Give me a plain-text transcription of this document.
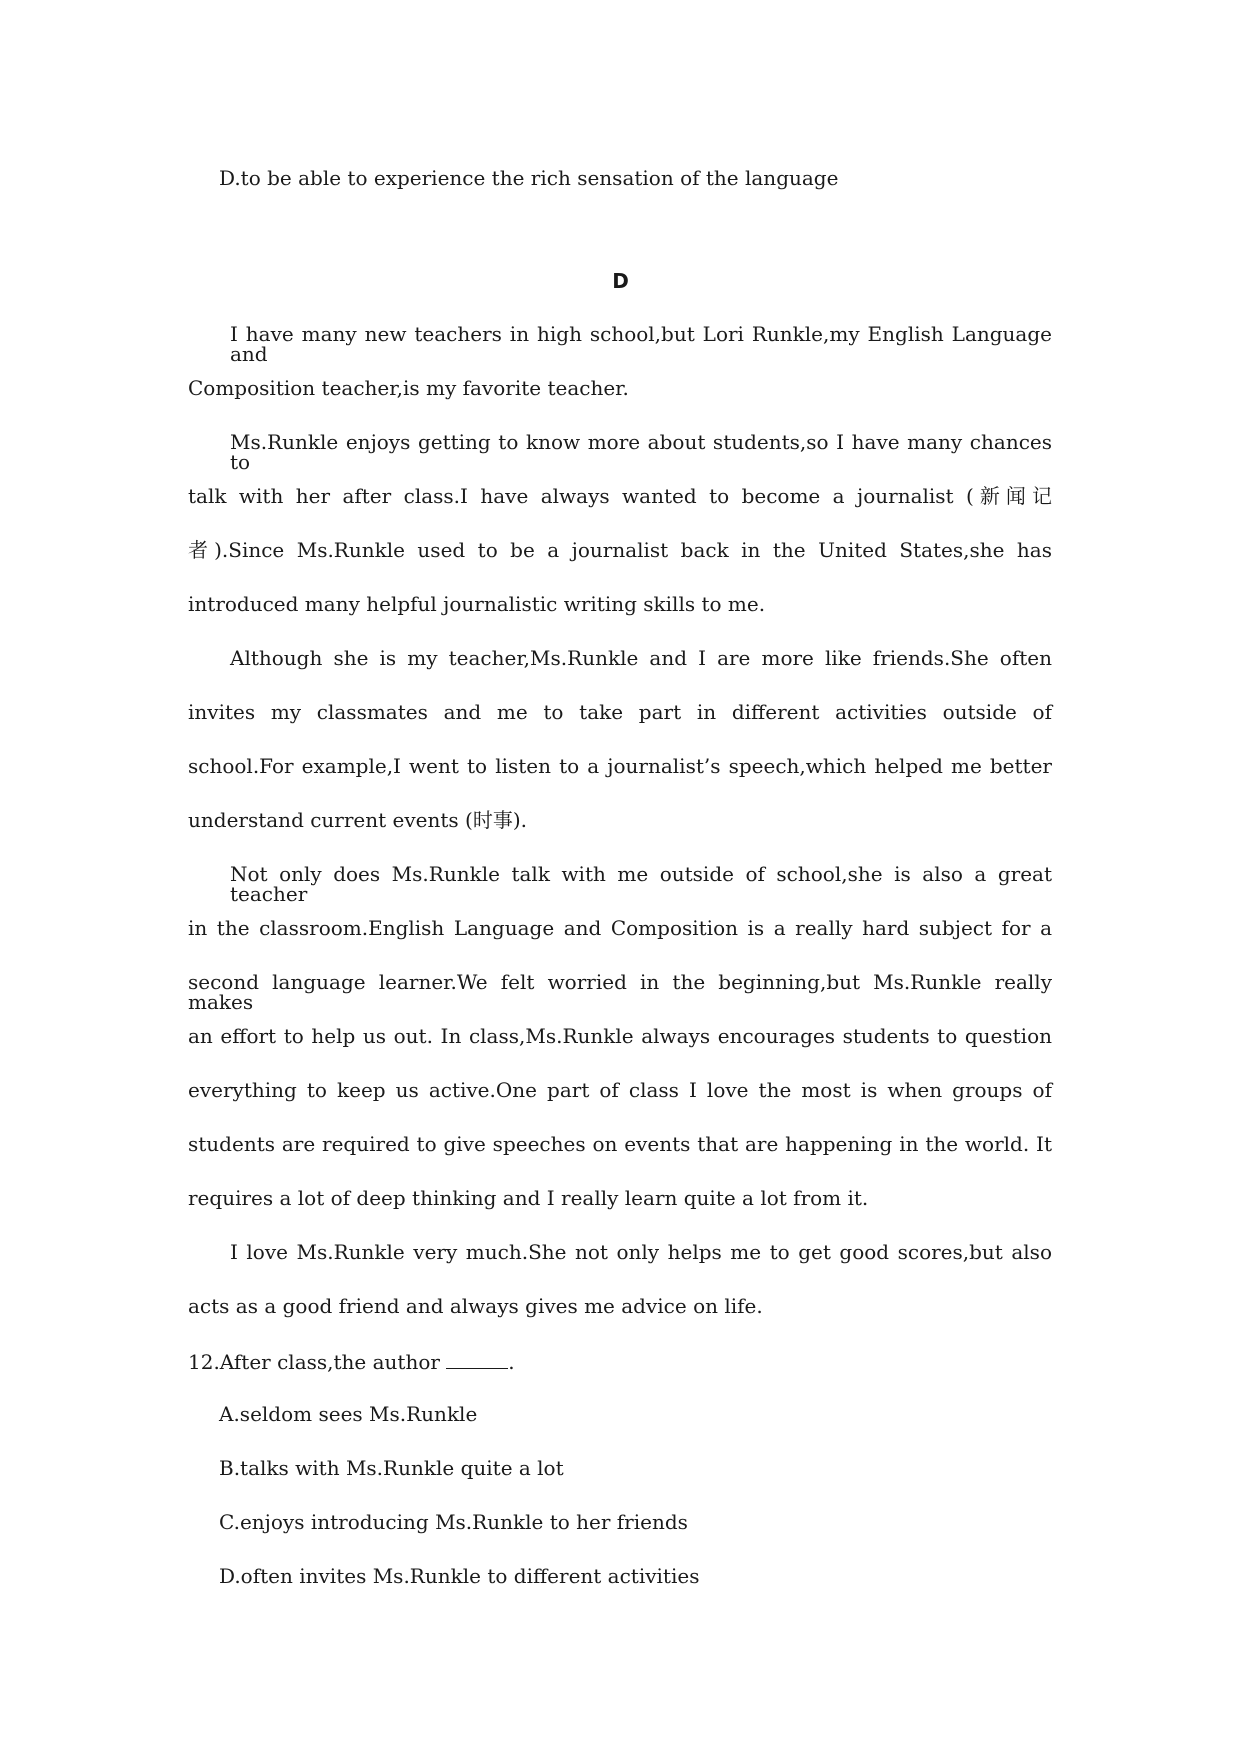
D.to be able to experience the rich sensation of the language
D
I have many new teachers in high school,but Lori Runkle,my English Language and
Composition teacher,is my favorite teacher.
Ms.Runkle enjoys getting to know more about students,so I have many chances to
talk with her after class.I have always wanted to become a journalist (新闻记
者).Since Ms.Runkle used to be a journalist back in the United States,she has
introduced many helpful journalistic writing skills to me.
Although she is my teacher,Ms.Runkle and I are more like friends.She often
invites my classmates and me to take part in different activities outside of
school.For example,I went to listen to a journalist’s speech,which helped me better
understand current events (时事).
Not only does Ms.Runkle talk with me outside of school,she is also a great teacher
in the classroom.English Language and Composition is a really hard subject for a
second language learner.We felt worried in the beginning,but Ms.Runkle really makes
an effort to help us out. In class,Ms.Runkle always encourages students to question
everything to keep us active.One part of class I love the most is when groups of
students are required to give speeches on events that are happening in the world. It
requires a lot of deep thinking and I really learn quite a lot from it.
I love Ms.Runkle very much.She not only helps me to get good scores,but also
acts as a good friend and always gives me advice on life.
12.After class,the author	.
A.seldom sees Ms.Runkle
B.talks with Ms.Runkle quite a lot
C.enjoys introducing Ms.Runkle to her friends
D.often invites Ms.Runkle to different activities
